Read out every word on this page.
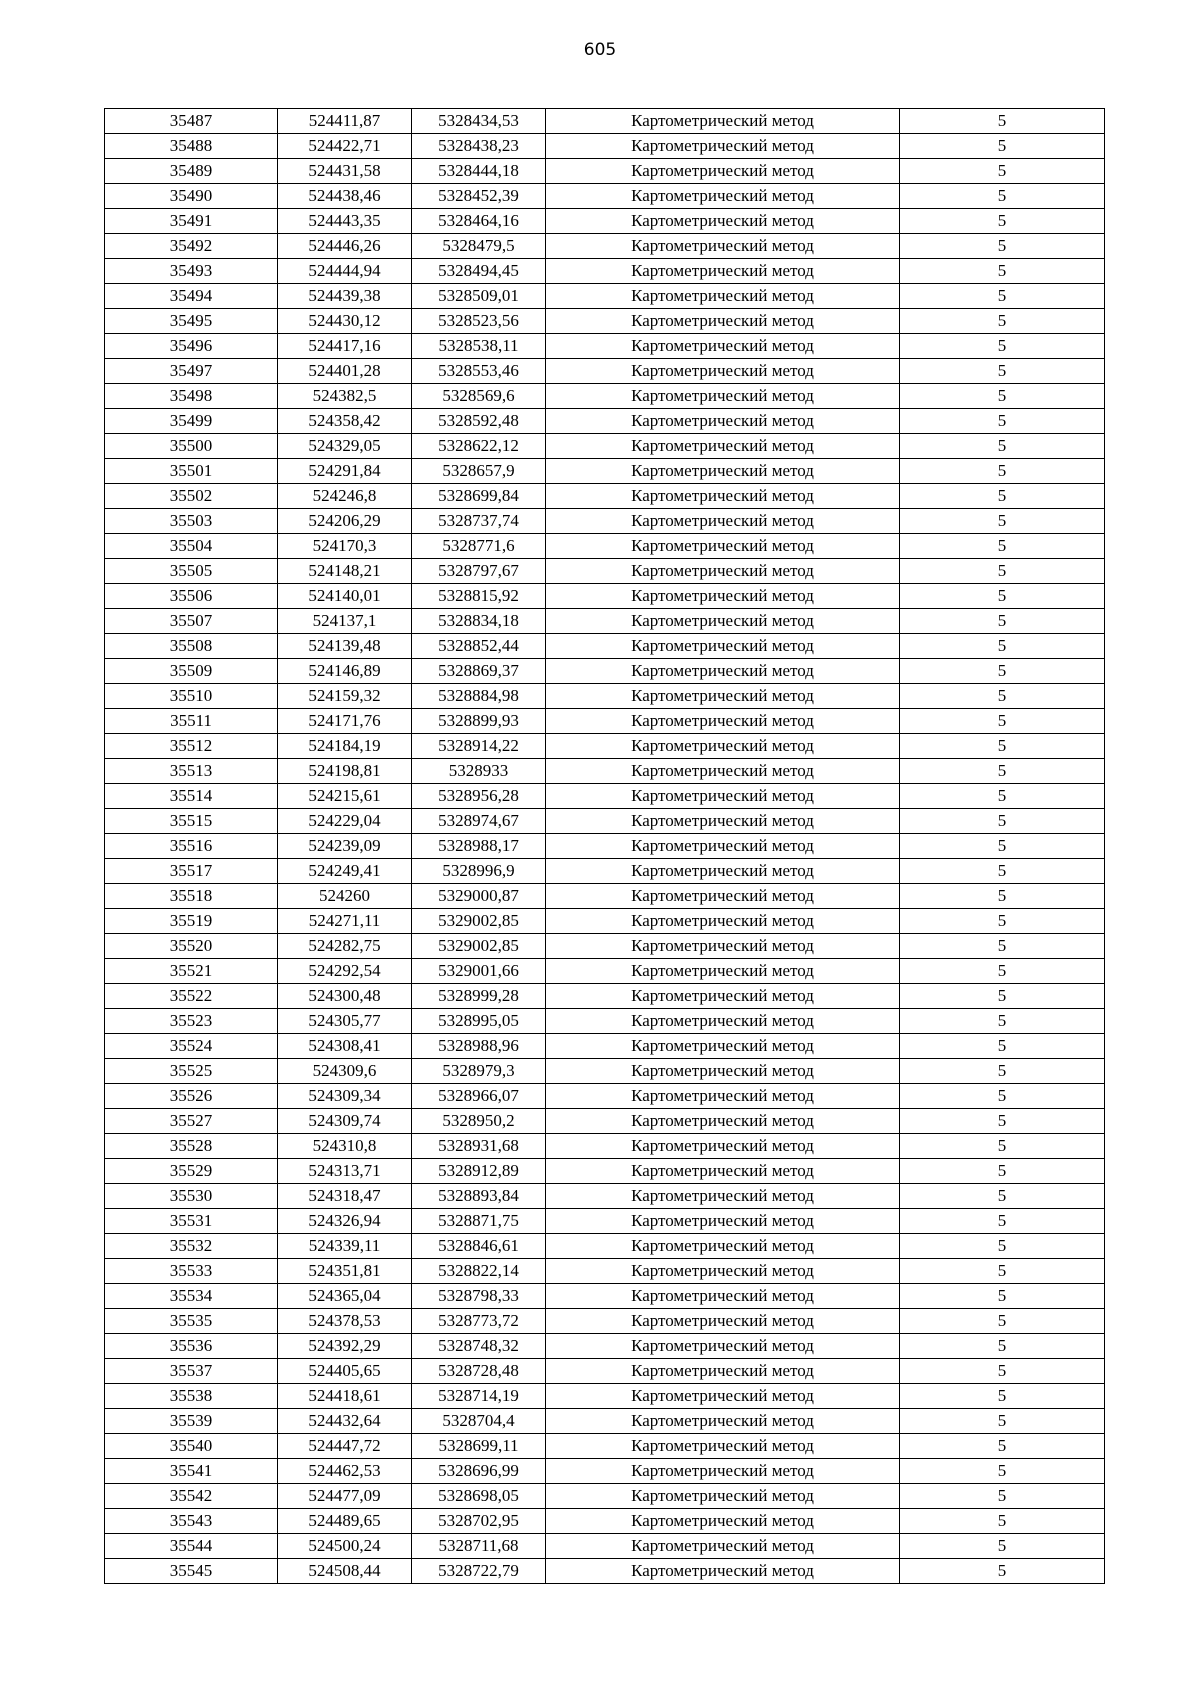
605
35487	524411,87	5328434,53	Картометрический метод	5
35488	524422,71	5328438,23	Картометрический метод	5
35489	524431,58	5328444,18	Картометрический метод	5
35490	524438,46	5328452,39	Картометрический метод	5
35491	524443,35	5328464,16	Картометрический метод	5
35492	524446,26	5328479,5	Картометрический метод	5
35493	524444,94	5328494,45	Картометрический метод	5
35494	524439,38	5328509,01	Картометрический метод	5
35495	524430,12	5328523,56	Картометрический метод	5
35496	524417,16	5328538,11	Картометрический метод	5
35497	524401,28	5328553,46	Картометрический метод	5
35498	524382,5	5328569,6	Картометрический метод	5
35499	524358,42	5328592,48	Картометрический метод	5
35500	524329,05	5328622,12	Картометрический метод	5
35501	524291,84	5328657,9	Картометрический метод	5
35502	524246,8	5328699,84	Картометрический метод	5
35503	524206,29	5328737,74	Картометрический метод	5
35504	524170,3	5328771,6	Картометрический метод	5
35505	524148,21	5328797,67	Картометрический метод	5
35506	524140,01	5328815,92	Картометрический метод	5
35507	524137,1	5328834,18	Картометрический метод	5
35508	524139,48	5328852,44	Картометрический метод	5
35509	524146,89	5328869,37	Картометрический метод	5
35510	524159,32	5328884,98	Картометрический метод	5
35511	524171,76	5328899,93	Картометрический метод	5
35512	524184,19	5328914,22	Картометрический метод	5
35513	524198,81	5328933	Картометрический метод	5
35514	524215,61	5328956,28	Картометрический метод	5
35515	524229,04	5328974,67	Картометрический метод	5
35516	524239,09	5328988,17	Картометрический метод	5
35517	524249,41	5328996,9	Картометрический метод	5
35518	524260	5329000,87	Картометрический метод	5
35519	524271,11	5329002,85	Картометрический метод	5
35520	524282,75	5329002,85	Картометрический метод	5
35521	524292,54	5329001,66	Картометрический метод	5
35522	524300,48	5328999,28	Картометрический метод	5
35523	524305,77	5328995,05	Картометрический метод	5
35524	524308,41	5328988,96	Картометрический метод	5
35525	524309,6	5328979,3	Картометрический метод	5
35526	524309,34	5328966,07	Картометрический метод	5
35527	524309,74	5328950,2	Картометрический метод	5
35528	524310,8	5328931,68	Картометрический метод	5
35529	524313,71	5328912,89	Картометрический метод	5
35530	524318,47	5328893,84	Картометрический метод	5
35531	524326,94	5328871,75	Картометрический метод	5
35532	524339,11	5328846,61	Картометрический метод	5
35533	524351,81	5328822,14	Картометрический метод	5
35534	524365,04	5328798,33	Картометрический метод	5
35535	524378,53	5328773,72	Картометрический метод	5
35536	524392,29	5328748,32	Картометрический метод	5
35537	524405,65	5328728,48	Картометрический метод	5
35538	524418,61	5328714,19	Картометрический метод	5
35539	524432,64	5328704,4	Картометрический метод	5
35540	524447,72	5328699,11	Картометрический метод	5
35541	524462,53	5328696,99	Картометрический метод	5
35542	524477,09	5328698,05	Картометрический метод	5
35543	524489,65	5328702,95	Картометрический метод	5
35544	524500,24	5328711,68	Картометрический метод	5
35545	524508,44	5328722,79	Картометрический метод	5
